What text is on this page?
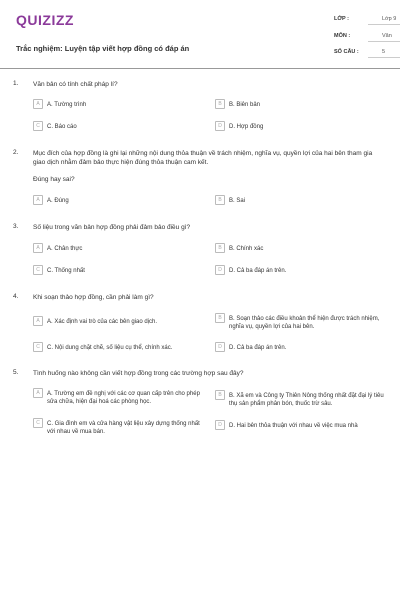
QUIZIZZ
Trắc nghiệm: Luyện tập viết hợp đồng có đáp án
LỚP :	Lớp 9
MÔN :	Văn
SỐ CÂU :	5
1. Văn bản có tính chất pháp lí?
A	A. Tường trình	B	B. Biên bản
C	C. Báo cáo	D	D. Hợp đồng
2. Mục đích của hợp đồng là ghi lại những nội dung thỏa thuận về trách nhiệm, nghĩa vụ, quyền lợi của hai bên tham gia giao dịch nhằm đảm bảo thực hiện đúng thỏa thuận cam kết.
Đúng hay sai?
A	A. Đúng	B	B. Sai
3. Số liệu trong văn bản hợp đồng phải đảm bảo điều gì?
A	A. Chân thực	B	B. Chính xác
C	C. Thống nhất	D	D. Cả ba đáp án trên.
4. Khi soạn thảo hợp đồng, cần phải làm gì?
A	A. Xác định vai trò của các bên giao dịch.
B	B. Soạn thảo các điều khoản thể hiện được trách nhiệm, nghĩa vụ, quyền lợi của hai bên.
C	C. Nội dung chặt chẽ, số liệu cụ thể, chính xác.	D	D. Cả ba đáp án trên.
5. Tình huống nào không cần viết hợp đồng trong các trường hợp sau đây?
A	A. Trường em đề nghị với các cơ quan cấp trên cho phép sửa chữa, hiện đại hoá các phòng học.
B	B. Xã em và Công ty Thiên Nông thống nhất đặt đại lý tiêu thụ sản phẩm phân bón, thuốc trừ sâu.
C	C. Gia đình em và cửa hàng vật liệu xây dựng thống nhất với nhau về mua bán.
D	D. Hai bên thỏa thuận với nhau về việc mua nhà
